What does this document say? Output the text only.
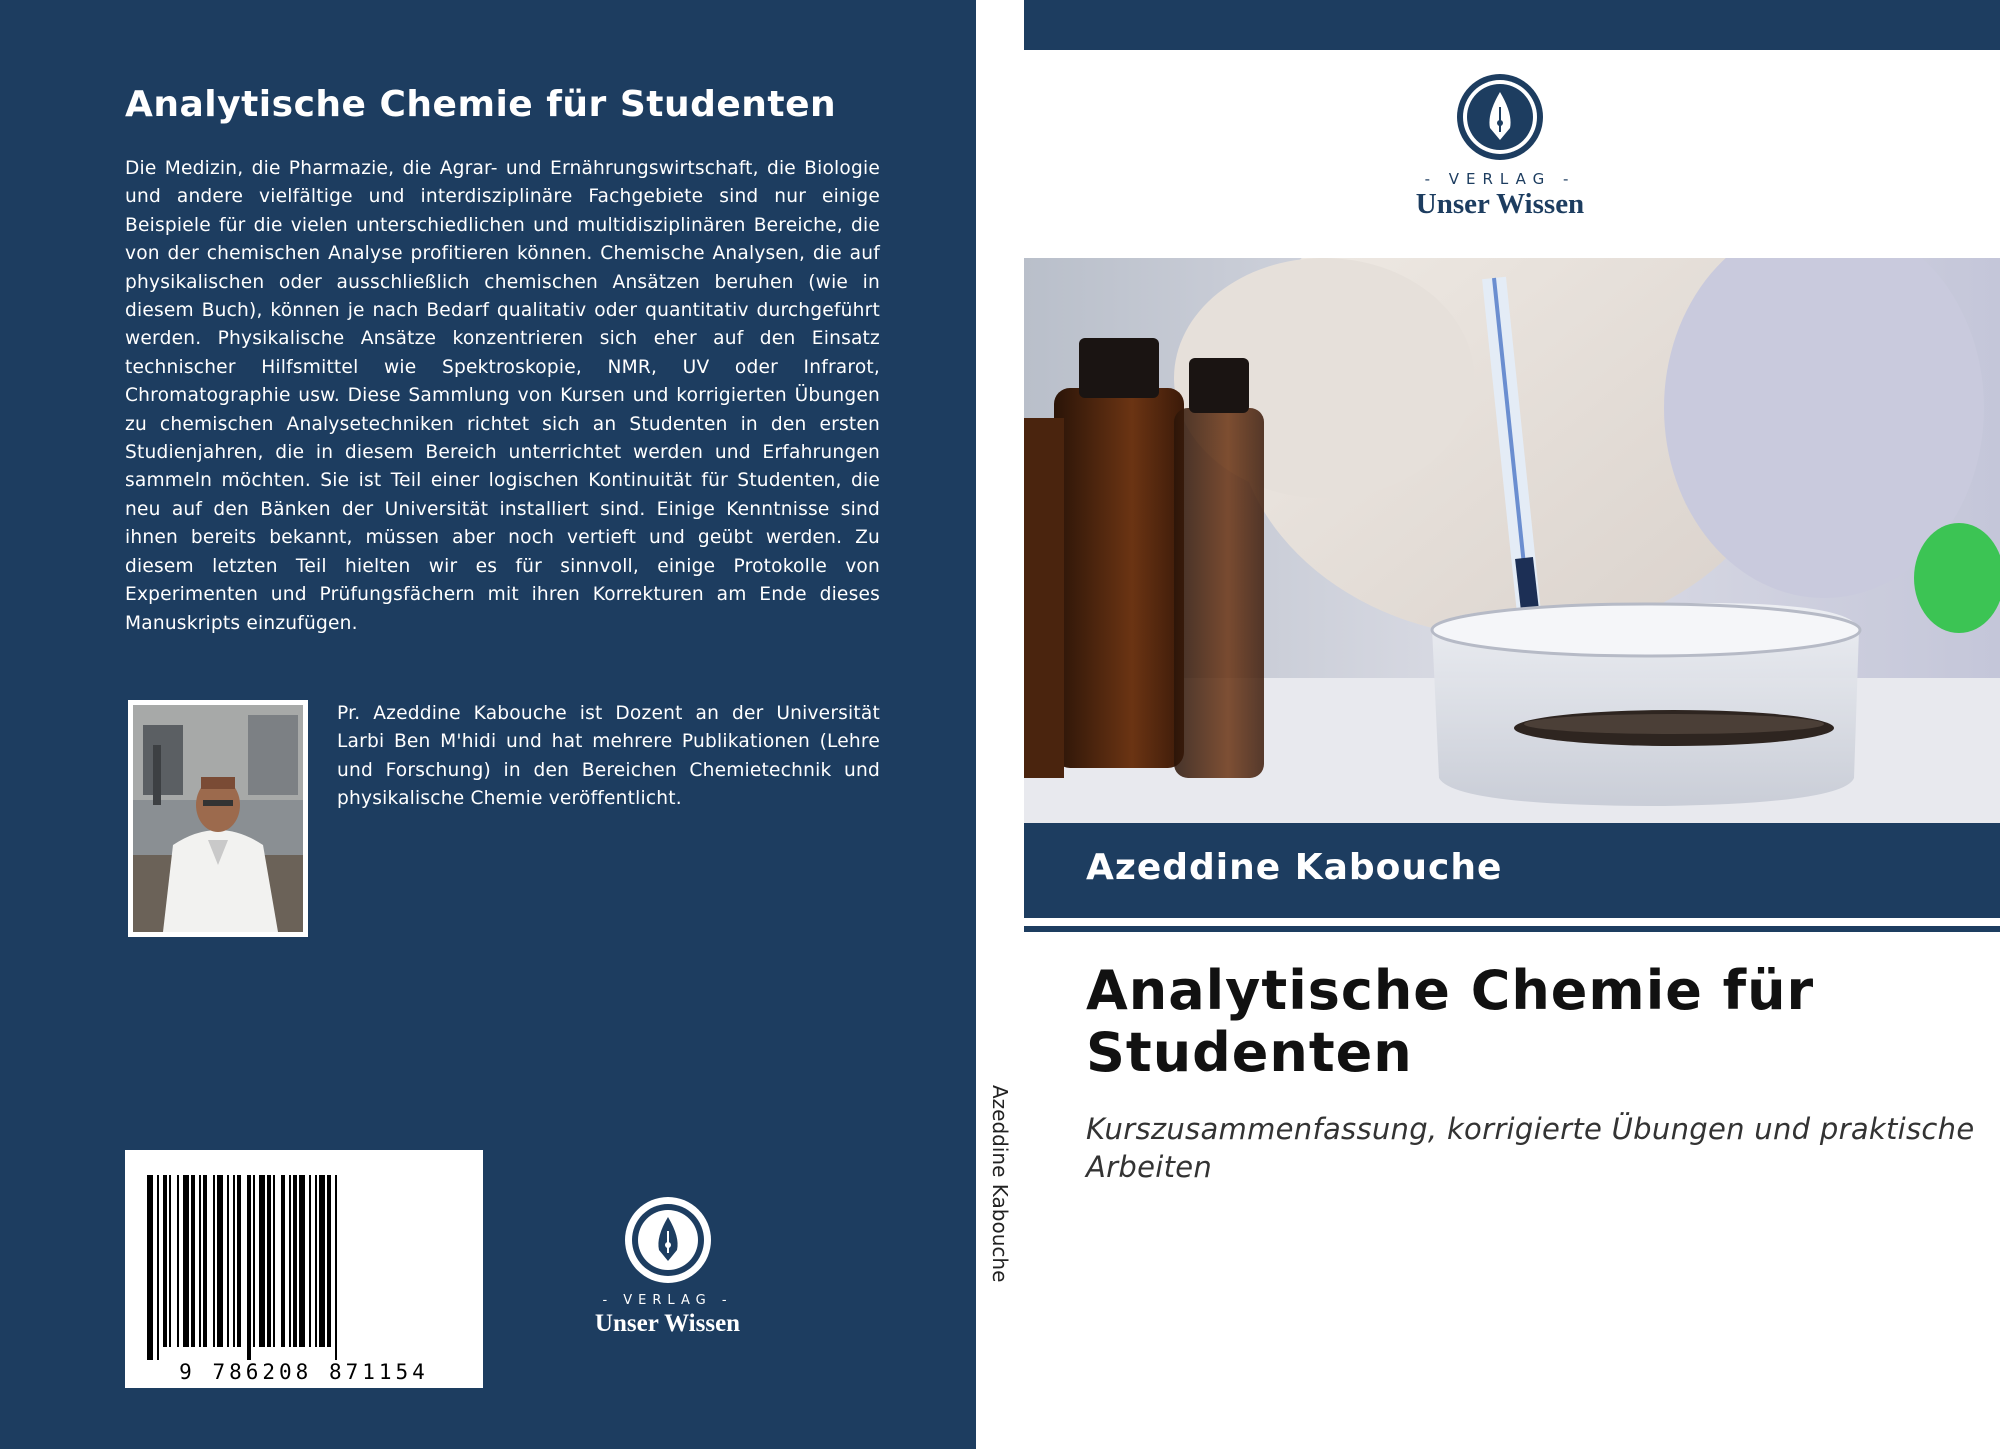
Analytische Chemie für Studenten
Die Medizin, die Pharmazie, die Agrar- und Ernährungswirtschaft, die Biologie und andere vielfältige und interdisziplinäre Fachgebiete sind nur einige Beispiele für die vielen unterschiedlichen und multidisziplinären Bereiche, die von der chemischen Analyse profitieren können. Chemische Analysen, die auf physikalischen oder ausschließlich chemischen Ansätzen beruhen (wie in diesem Buch), können je nach Bedarf qualitativ oder quantitativ durchgeführt werden. Physikalische Ansätze konzentrieren sich eher auf den Einsatz technischer Hilfsmittel wie Spektroskopie, NMR, UV oder Infrarot, Chromatographie usw. Diese Sammlung von Kursen und korrigierten Übungen zu chemischen Analysetechniken richtet sich an Studenten in den ersten Studienjahren, die in diesem Bereich unterrichtet werden und Erfahrungen sammeln möchten. Sie ist Teil einer logischen Kontinuität für Studenten, die neu auf den Bänken der Universität installiert sind. Einige Kenntnisse sind ihnen bereits bekannt, müssen aber noch vertieft und geübt werden. Zu diesem letzten Teil hielten wir es für sinnvoll, einige Protokolle von Experimenten und Prüfungsfächern mit ihren Korrekturen am Ende dieses Manuskripts einzufügen.
Pr. Azeddine Kabouche ist Dozent an der Universität Larbi Ben M'hidi und hat mehrere Publikationen (Lehre und Forschung) in den Bereichen Chemietechnik und physikalische Chemie veröffentlicht.
9 786208 871154
- VERLAG -
Unser Wissen
Azeddine Kabouche
- VERLAG -
Unser Wissen
Azeddine Kabouche
Analytische Chemie für Studenten
Kurszusammenfassung, korrigierte Übungen und praktische Arbeiten
